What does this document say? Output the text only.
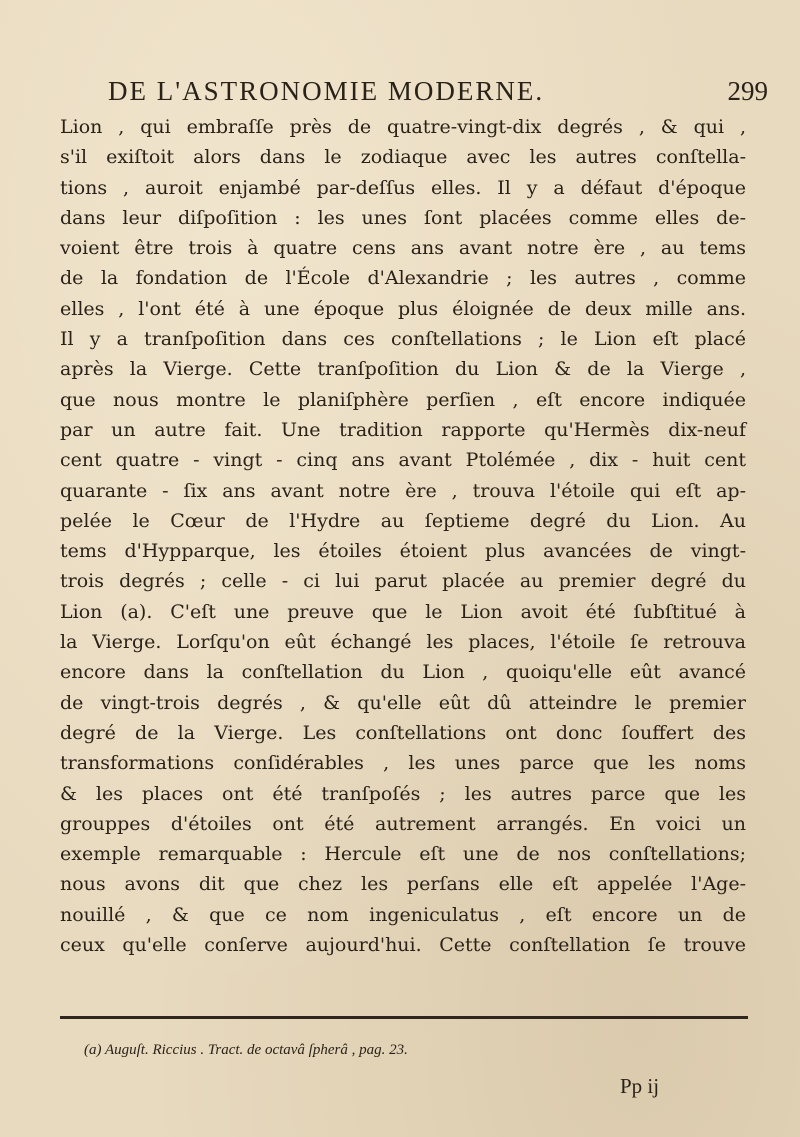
DE L'ASTRONOMIE MODERNE.	299
Lion , qui embraſſe près de quatre-vingt-dix degrés , & qui ,
s'il exiſtoit alors dans le zodiaque avec les autres conſtella-
tions , auroit enjambé par-deſſus elles. Il y a défaut d'époque
dans leur diſpoſition : les unes ſont placées comme elles de-
voient être trois à quatre cens ans avant notre ère , au tems
de la fondation de l'École d'Alexandrie ; les autres , comme
elles , l'ont été à une époque plus éloignée de deux mille ans.
Il y a tranſpoſition dans ces conſtellations ; le Lion eſt placé
après la Vierge. Cette tranſpoſition du Lion & de la Vierge ,
que nous montre le planiſphère perſien , eſt encore indiquée
par un autre fait. Une tradition rapporte qu'Hermès dix-neuf
cent quatre - vingt - cinq ans avant Ptolémée , dix - huit cent
quarante - ſix ans avant notre ère , trouva l'étoile qui eſt ap-
pelée le Cœur de l'Hydre au ſeptieme degré du Lion. Au
tems d'Hypparque, les étoiles étoient plus avancées de vingt-
trois degrés ; celle - ci lui parut placée au premier degré du
Lion (a). C'eſt une preuve que le Lion avoit été ſubſtitué à
la Vierge. Lorſqu'on eût échangé les places, l'étoile ſe retrouva
encore dans la conſtellation du Lion , quoiqu'elle eût avancé
de vingt-trois degrés , & qu'elle eût dû atteindre le premier
degré de la Vierge. Les conſtellations ont donc ſouffert des
transformations conſidérables , les unes parce que les noms
& les places ont été tranſpoſés ; les autres parce que les
grouppes d'étoiles ont été autrement arrangés. En voici un
exemple remarquable : Hercule eſt une de nos conſtellations;
nous avons dit que chez les perſans elle eſt appelée l'Age-
nouillé , & que ce nom ingeniculatus , eſt encore un de
ceux qu'elle conſerve aujourd'hui. Cette conſtellation ſe trouve
(a) Auguſt. Riccius . Tract. de octavâ ſpherâ , pag. 23.
Pp ij
